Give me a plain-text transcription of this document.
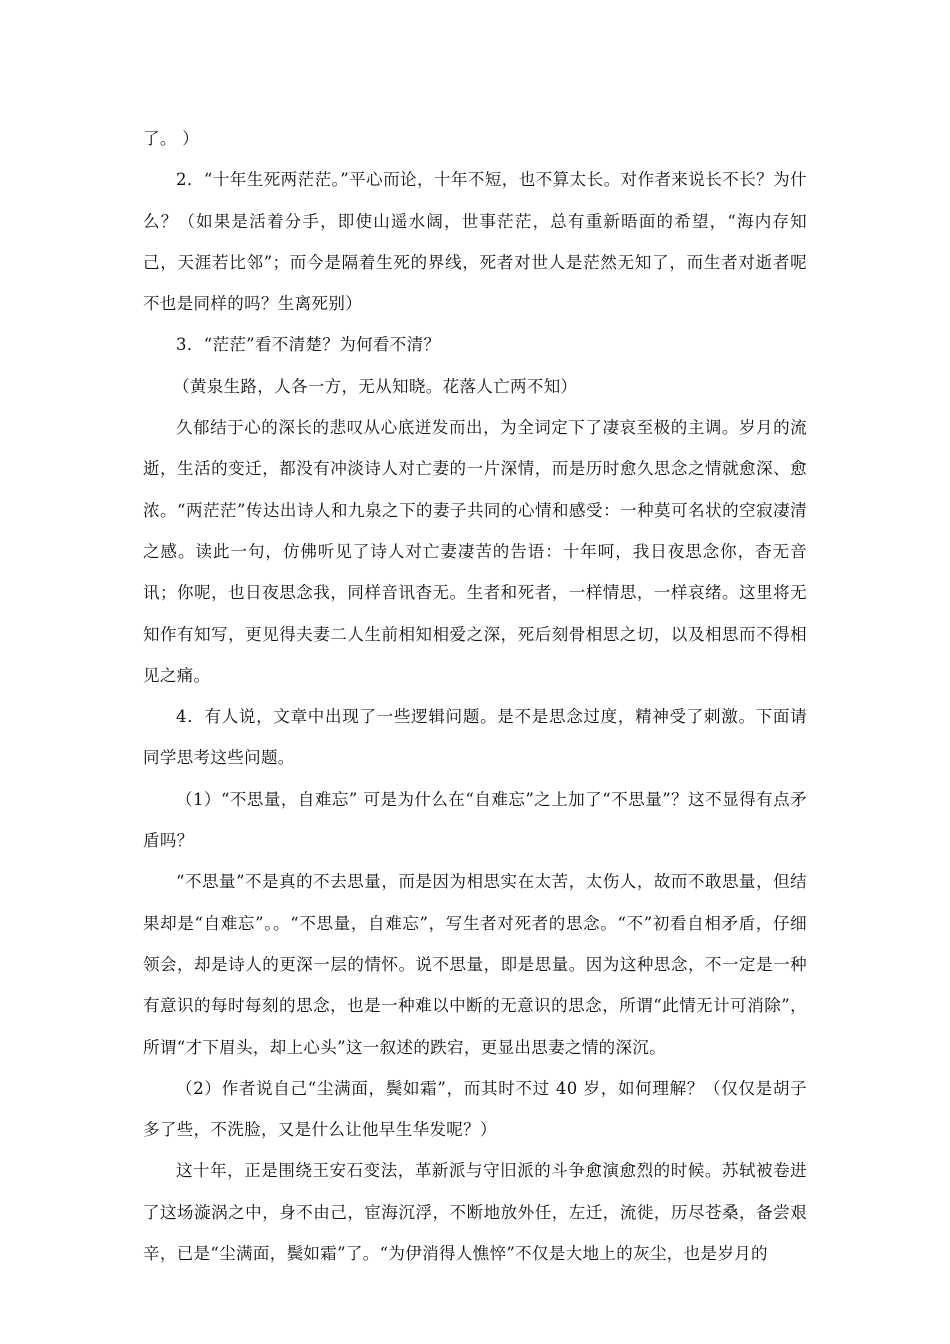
了。 ）

2．“十年生死两茫茫。”平心而论，十年不短，也不算太长。对作者来说长不长？为什么？（如果是活着分手，即使山遥水阔，世事茫茫，总有重新晤面的希望，“海内存知己，天涯若比邻”；而今是隔着生死的界线，死者对世人是茫然无知了，而生者对逝者呢不也是同样的吗？生离死别）

3．“茫茫”看不清楚？为何看不清？

（黄泉生路，人各一方，无从知晓。花落人亡两不知）

久郁结于心的深长的悲叹从心底迸发而出，为全词定下了凄哀至极的主调。岁月的流逝，生活的变迁，都没有冲淡诗人对亡妻的一片深情，而是历时愈久思念之情就愈深、愈浓。“两茫茫”传达出诗人和九泉之下的妻子共同的心情和感受：一种莫可名状的空寂凄清之感。读此一句，仿佛听见了诗人对亡妻凄苦的告语：十年呵，我日夜思念你，杳无音讯；你呢，也日夜思念我，同样音讯杳无。生者和死者，一样情思，一样哀绪。这里将无知作有知写，更见得夫妻二人生前相知相爱之深，死后刻骨相思之切，以及相思而不得相见之痛。

4．有人说，文章中出现了一些逻辑问题。是不是思念过度，精神受了刺激。下面请同学思考这些问题。

（1）“不思量，自难忘” 可是为什么在“自难忘”之上加了“不思量”？这不显得有点矛盾吗？

“不思量”不是真的不去思量，而是因为相思实在太苦，太伤人，故而不敢思量，但结果却是“自难忘”。。“不思量，自难忘”，写生者对死者的思念。“不”初看自相矛盾，仔细领会，却是诗人的更深一层的情怀。说不思量，即是思量。因为这种思念，不一定是一种有意识的每时每刻的思念，也是一种难以中断的无意识的思念，所谓“此情无计可消除”，所谓“才下眉头，却上心头”这一叙述的跌宕，更显出思妻之情的深沉。

（2）作者说自己“尘满面，鬓如霜”，而其时不过 40 岁，如何理解？（仅仅是胡子多了些，不洗脸，又是什么让他早生华发呢？）

这十年，正是围绕王安石变法，革新派与守旧派的斗争愈演愈烈的时候。苏轼被卷进了这场漩涡之中，身不由己，宦海沉浮，不断地放外任，左迁，流徙，历尽苍桑，备尝艰辛，已是“尘满面，鬓如霜”了。“为伊消得人憔悴”不仅是大地上的灰尘，也是岁月的
